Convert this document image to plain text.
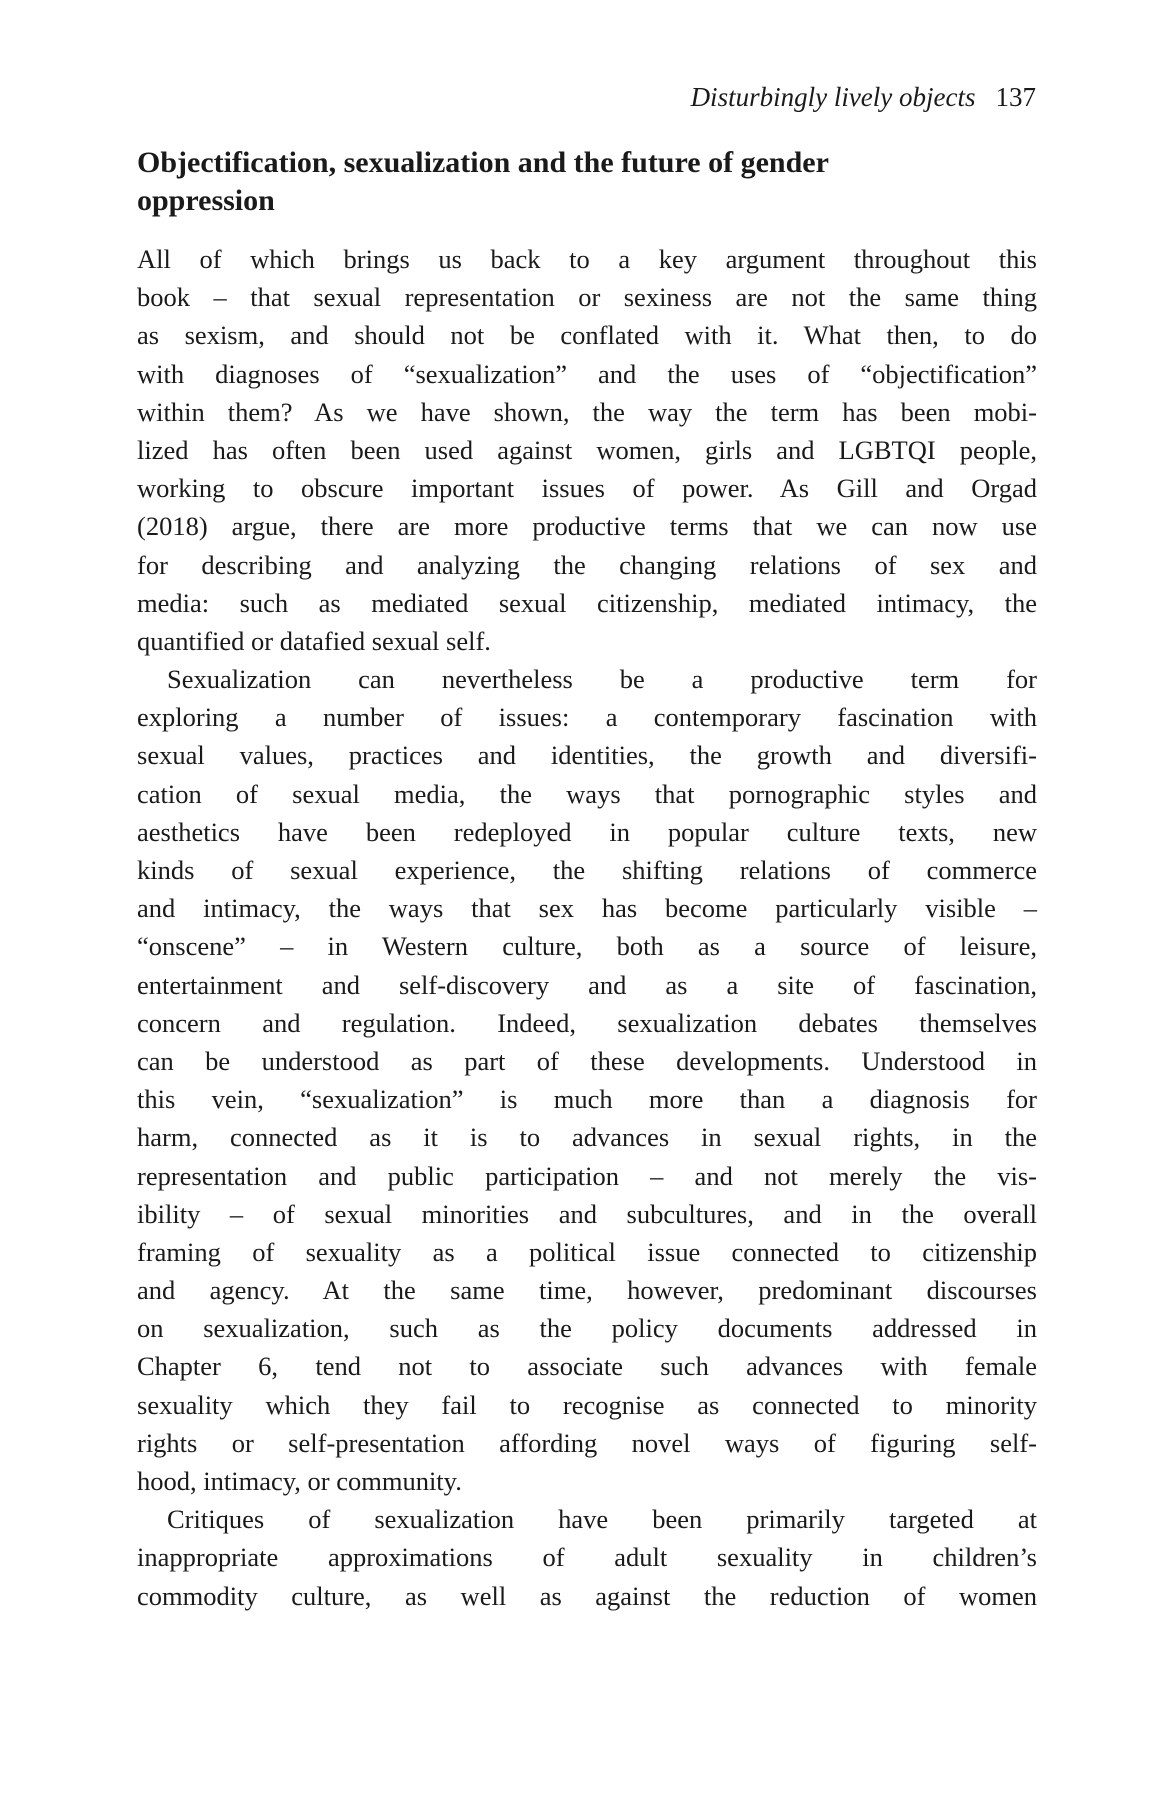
Disturbingly lively objects 137
Objectification, sexualization and the future of gender
oppression
All of which brings us back to a key argument throughout this
book – that sexual representation or sexiness are not the same thing
as sexism, and should not be conflated with it. What then, to do
with diagnoses of “sexualization” and the uses of “objectification”
within them? As we have shown, the way the term has been mobi-
lized has often been used against women, girls and LGBTQI people,
working to obscure important issues of power. As Gill and Orgad
(2018) argue, there are more productive terms that we can now use
for describing and analyzing the changing relations of sex and
media: such as mediated sexual citizenship, mediated intimacy, the
quantified or datafied sexual self.
Sexualization can nevertheless be a productive term for
exploring a number of issues: a contemporary fascination with
sexual values, practices and identities, the growth and diversifi-
cation of sexual media, the ways that pornographic styles and
aesthetics have been redeployed in popular culture texts, new
kinds of sexual experience, the shifting relations of commerce
and intimacy, the ways that sex has become particularly visible –
“onscene” – in Western culture, both as a source of leisure,
entertainment and self-discovery and as a site of fascination,
concern and regulation. Indeed, sexualization debates themselves
can be understood as part of these developments. Understood in
this vein, “sexualization” is much more than a diagnosis for
harm, connected as it is to advances in sexual rights, in the
representation and public participation – and not merely the vis-
ibility – of sexual minorities and subcultures, and in the overall
framing of sexuality as a political issue connected to citizenship
and agency. At the same time, however, predominant discourses
on sexualization, such as the policy documents addressed in
Chapter 6, tend not to associate such advances with female
sexuality which they fail to recognise as connected to minority
rights or self-presentation affording novel ways of figuring self-
hood, intimacy, or community.
Critiques of sexualization have been primarily targeted at
inappropriate approximations of adult sexuality in children’s
commodity culture, as well as against the reduction of women
